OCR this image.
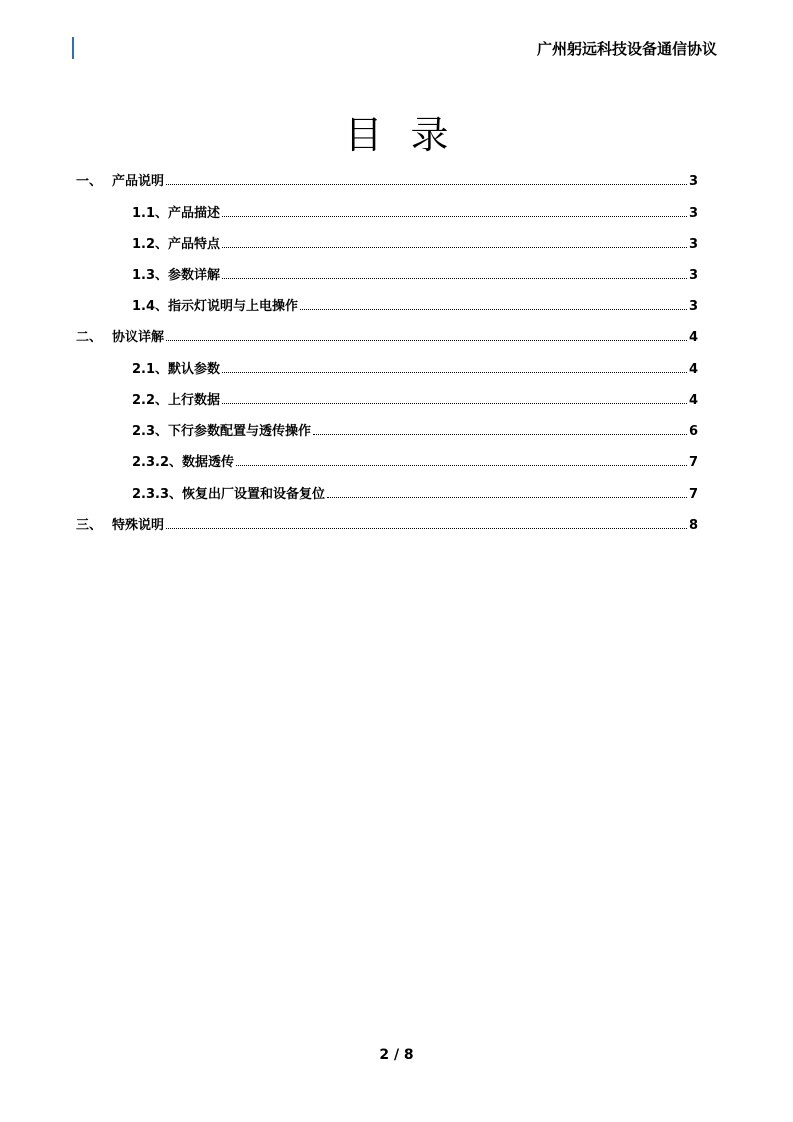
广州躬远科技设备通信协议
目录
一、 产品说明	3
1.1、 产品描述	3
1.2、 产品特点	3
1.3、 参数详解	3
1.4、 指示灯说明与上电操作	3
二、 协议详解	4
2.1、 默认参数	4
2.2、 上行数据	4
2.3、 下行参数配置与透传操作	6
2.3.2、 数据透传	7
2.3.3、 恢复出厂设置和设备复位	7
三、 特殊说明	8
2 / 8
